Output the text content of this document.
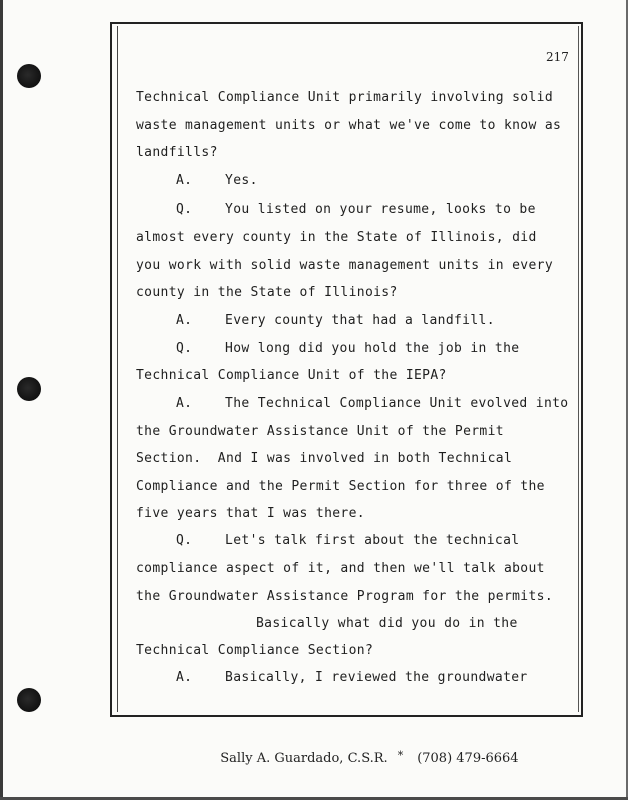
217
Technical Compliance Unit primarily involving solid
waste management units or what we've come to know as
landfills?
A.    Yes.
Q.    You listed on your resume, looks to be
almost every county in the State of Illinois, did
you work with solid waste management units in every
county in the State of Illinois?
A.    Every county that had a landfill.
Q.    How long did you hold the job in the
Technical Compliance Unit of the IEPA?
A.    The Technical Compliance Unit evolved into
the Groundwater Assistance Unit of the Permit
Section.  And I was involved in both Technical
Compliance and the Permit Section for three of the
five years that I was there.
Q.    Let's talk first about the technical
compliance aspect of it, and then we'll talk about
the Groundwater Assistance Program for the permits.
Basically what did you do in the
Technical Compliance Section?
A.    Basically, I reviewed the groundwater

Sally A. Guardado, C.S.R. * (708) 479-6664
